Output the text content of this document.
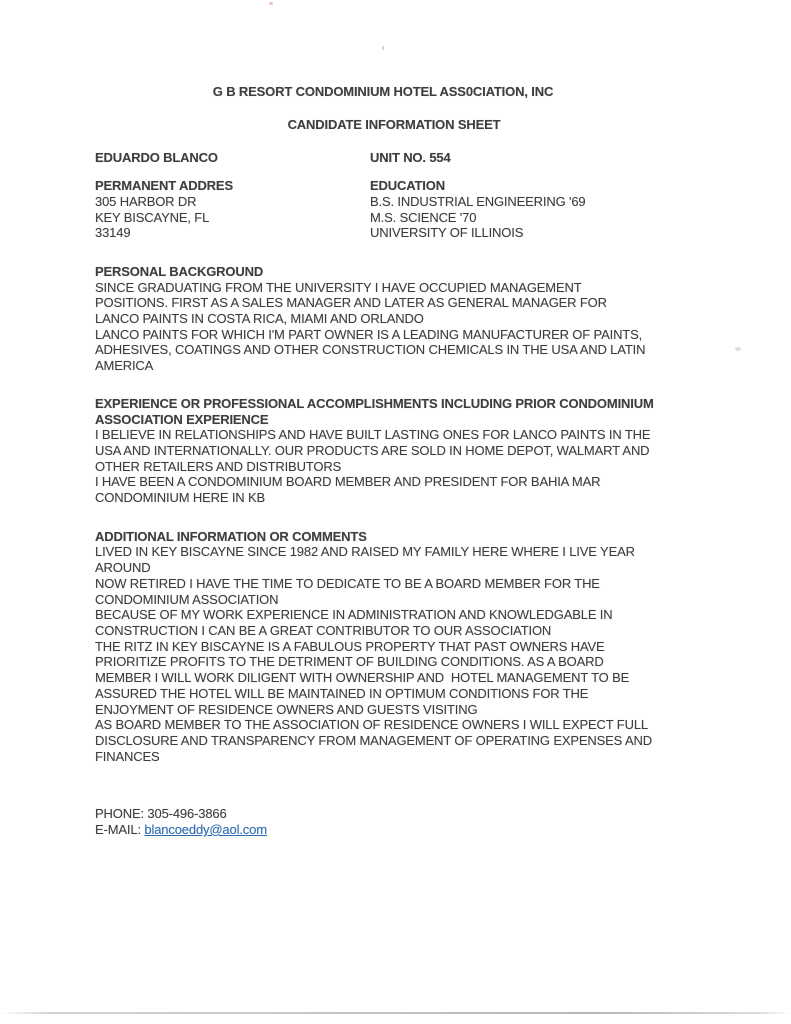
G B RESORT CONDOMINIUM HOTEL ASS0CIATION, INC
CANDIDATE INFORMATION SHEET
EDUARDO BLANCO	UNIT NO. 554
PERMANENT ADDRES
305 HARBOR DR
KEY BISCAYNE, FL
33149
EDUCATION
B.S. INDUSTRIAL ENGINEERING '69
M.S. SCIENCE '70
UNIVERSITY OF ILLINOIS
PERSONAL BACKGROUND
SINCE GRADUATING FROM THE UNIVERSITY I HAVE OCCUPIED MANAGEMENT
POSITIONS. FIRST AS A SALES MANAGER AND LATER AS GENERAL MANAGER FOR
LANCO PAINTS IN COSTA RICA, MIAMI AND ORLANDO
LANCO PAINTS FOR WHICH I'M PART OWNER IS A LEADING MANUFACTURER OF PAINTS,
ADHESIVES, COATINGS AND OTHER CONSTRUCTION CHEMICALS IN THE USA AND LATIN
AMERICA
EXPERIENCE OR PROFESSIONAL ACCOMPLISHMENTS INCLUDING PRIOR CONDOMINIUM
ASSOCIATION EXPERIENCE
I BELIEVE IN RELATIONSHIPS AND HAVE BUILT LASTING ONES FOR LANCO PAINTS IN THE
USA AND INTERNATIONALLY. OUR PRODUCTS ARE SOLD IN HOME DEPOT, WALMART AND
OTHER RETAILERS AND DISTRIBUTORS
I HAVE BEEN A CONDOMINIUM BOARD MEMBER AND PRESIDENT FOR BAHIA MAR
CONDOMINIUM HERE IN KB
ADDITIONAL INFORMATION OR COMMENTS
LIVED IN KEY BISCAYNE SINCE 1982 AND RAISED MY FAMILY HERE WHERE I LIVE YEAR
AROUND
NOW RETIRED I HAVE THE TIME TO DEDICATE TO BE A BOARD MEMBER FOR THE
CONDOMINIUM ASSOCIATION
BECAUSE OF MY WORK EXPERIENCE IN ADMINISTRATION AND KNOWLEDGABLE IN
CONSTRUCTION I CAN BE A GREAT CONTRIBUTOR TO OUR ASSOCIATION
THE RITZ IN KEY BISCAYNE IS A FABULOUS PROPERTY THAT PAST OWNERS HAVE
PRIORITIZE PROFITS TO THE DETRIMENT OF BUILDING CONDITIONS. AS A BOARD
MEMBER I WILL WORK DILIGENT WITH OWNERSHIP AND  HOTEL MANAGEMENT TO BE
ASSURED THE HOTEL WILL BE MAINTAINED IN OPTIMUM CONDITIONS FOR THE
ENJOYMENT OF RESIDENCE OWNERS AND GUESTS VISITING
AS BOARD MEMBER TO THE ASSOCIATION OF RESIDENCE OWNERS I WILL EXPECT FULL
DISCLOSURE AND TRANSPARENCY FROM MANAGEMENT OF OPERATING EXPENSES AND
FINANCES
PHONE: 305-496-3866
E-MAIL: blancoeddy@aol.com
